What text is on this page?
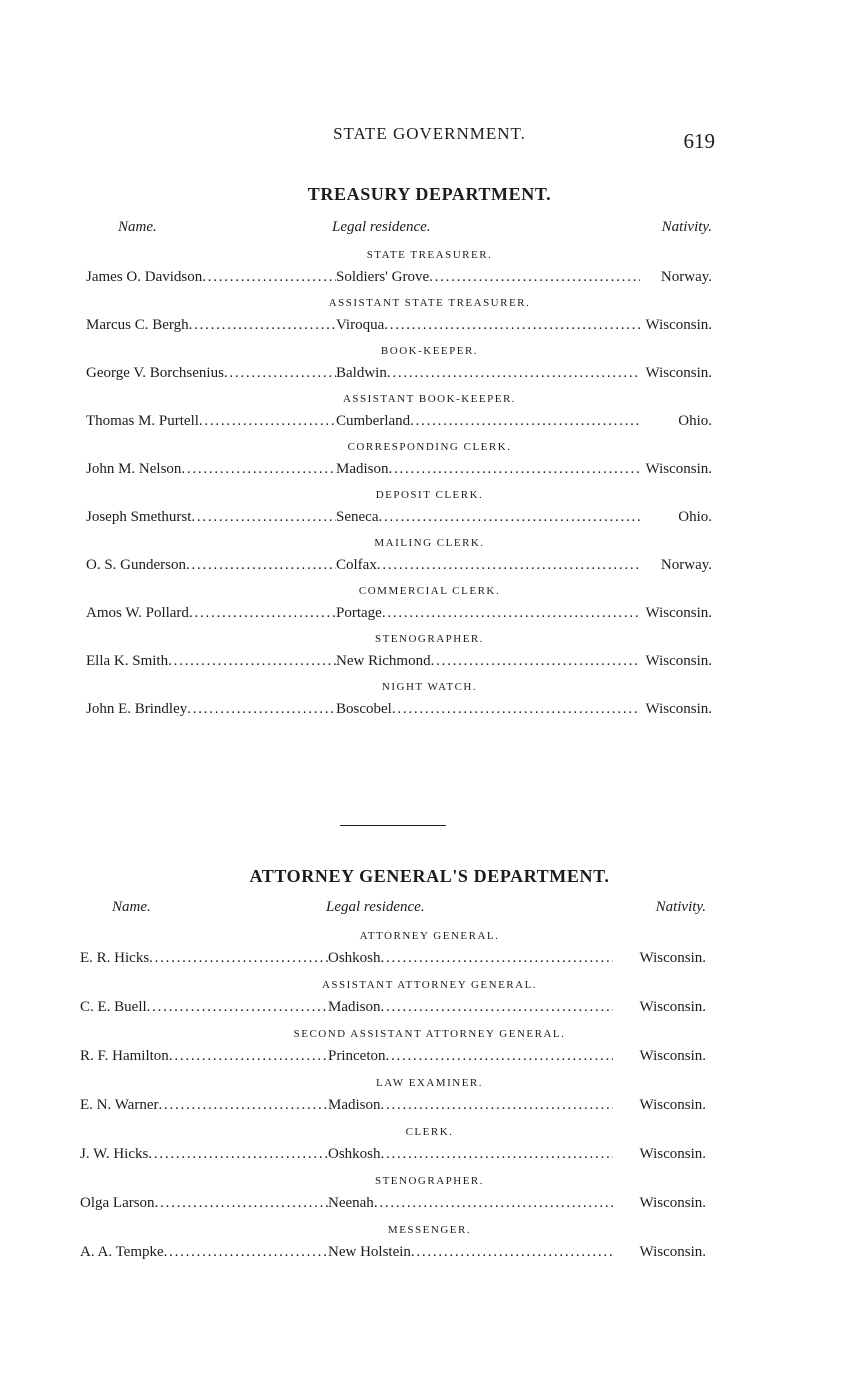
STATE GOVERNMENT.	619
TREASURY DEPARTMENT.
Name.	Legal residence.	Nativity.
STATE TREASURER.
James O. Davidson . . .	Soldiers' Grove . . .	Norway.
ASSISTANT STATE TREASURER.
Marcus C. Bergh . . .	Viroqua . . .	Wisconsin.
BOOK-KEEPER.
George V. Borchsenius . . .	Baldwin . . .	Wisconsin.
ASSISTANT BOOK-KEEPER.
Thomas M. Purtell . . .	Cumberland . . .	Ohio.
CORRESPONDING CLERK.
John M. Nelson . . .	Madison . . .	Wisconsin.
DEPOSIT CLERK.
Joseph Smethurst . . .	Seneca . . .	Ohio.
MAILING CLERK.
O. S. Gunderson . . .	Colfax . . .	Norway.
COMMERCIAL CLERK.
Amos W. Pollard . . .	Portage . . .	Wisconsin.
STENOGRAPHER.
Ella K. Smith . . .	New Richmond . . .	Wisconsin.
NIGHT WATCH.
John E. Brindley . . .	Boscobel . . .	Wisconsin.
ATTORNEY GENERAL'S DEPARTMENT.
Name.	Legal residence.	Nativity.
ATTORNEY GENERAL.
E. R. Hicks . . .	Oshkosh . . .	Wisconsin.
ASSISTANT ATTORNEY GENERAL.
C. E. Buell . . .	Madison . . .	Wisconsin.
SECOND ASSISTANT ATTORNEY GENERAL.
R. F. Hamilton . . .	Princeton . . .	Wisconsin.
LAW EXAMINER.
E. N. Warner . . .	Madison . . .	Wisconsin.
CLERK.
J. W. Hicks . . .	Oshkosh . . .	Wisconsin.
STENOGRAPHER.
Olga Larson . . .	Neenah . . .	Wisconsin.
MESSENGER.
A. A. Tempke . . .	New Holstein . . .	Wisconsin.
